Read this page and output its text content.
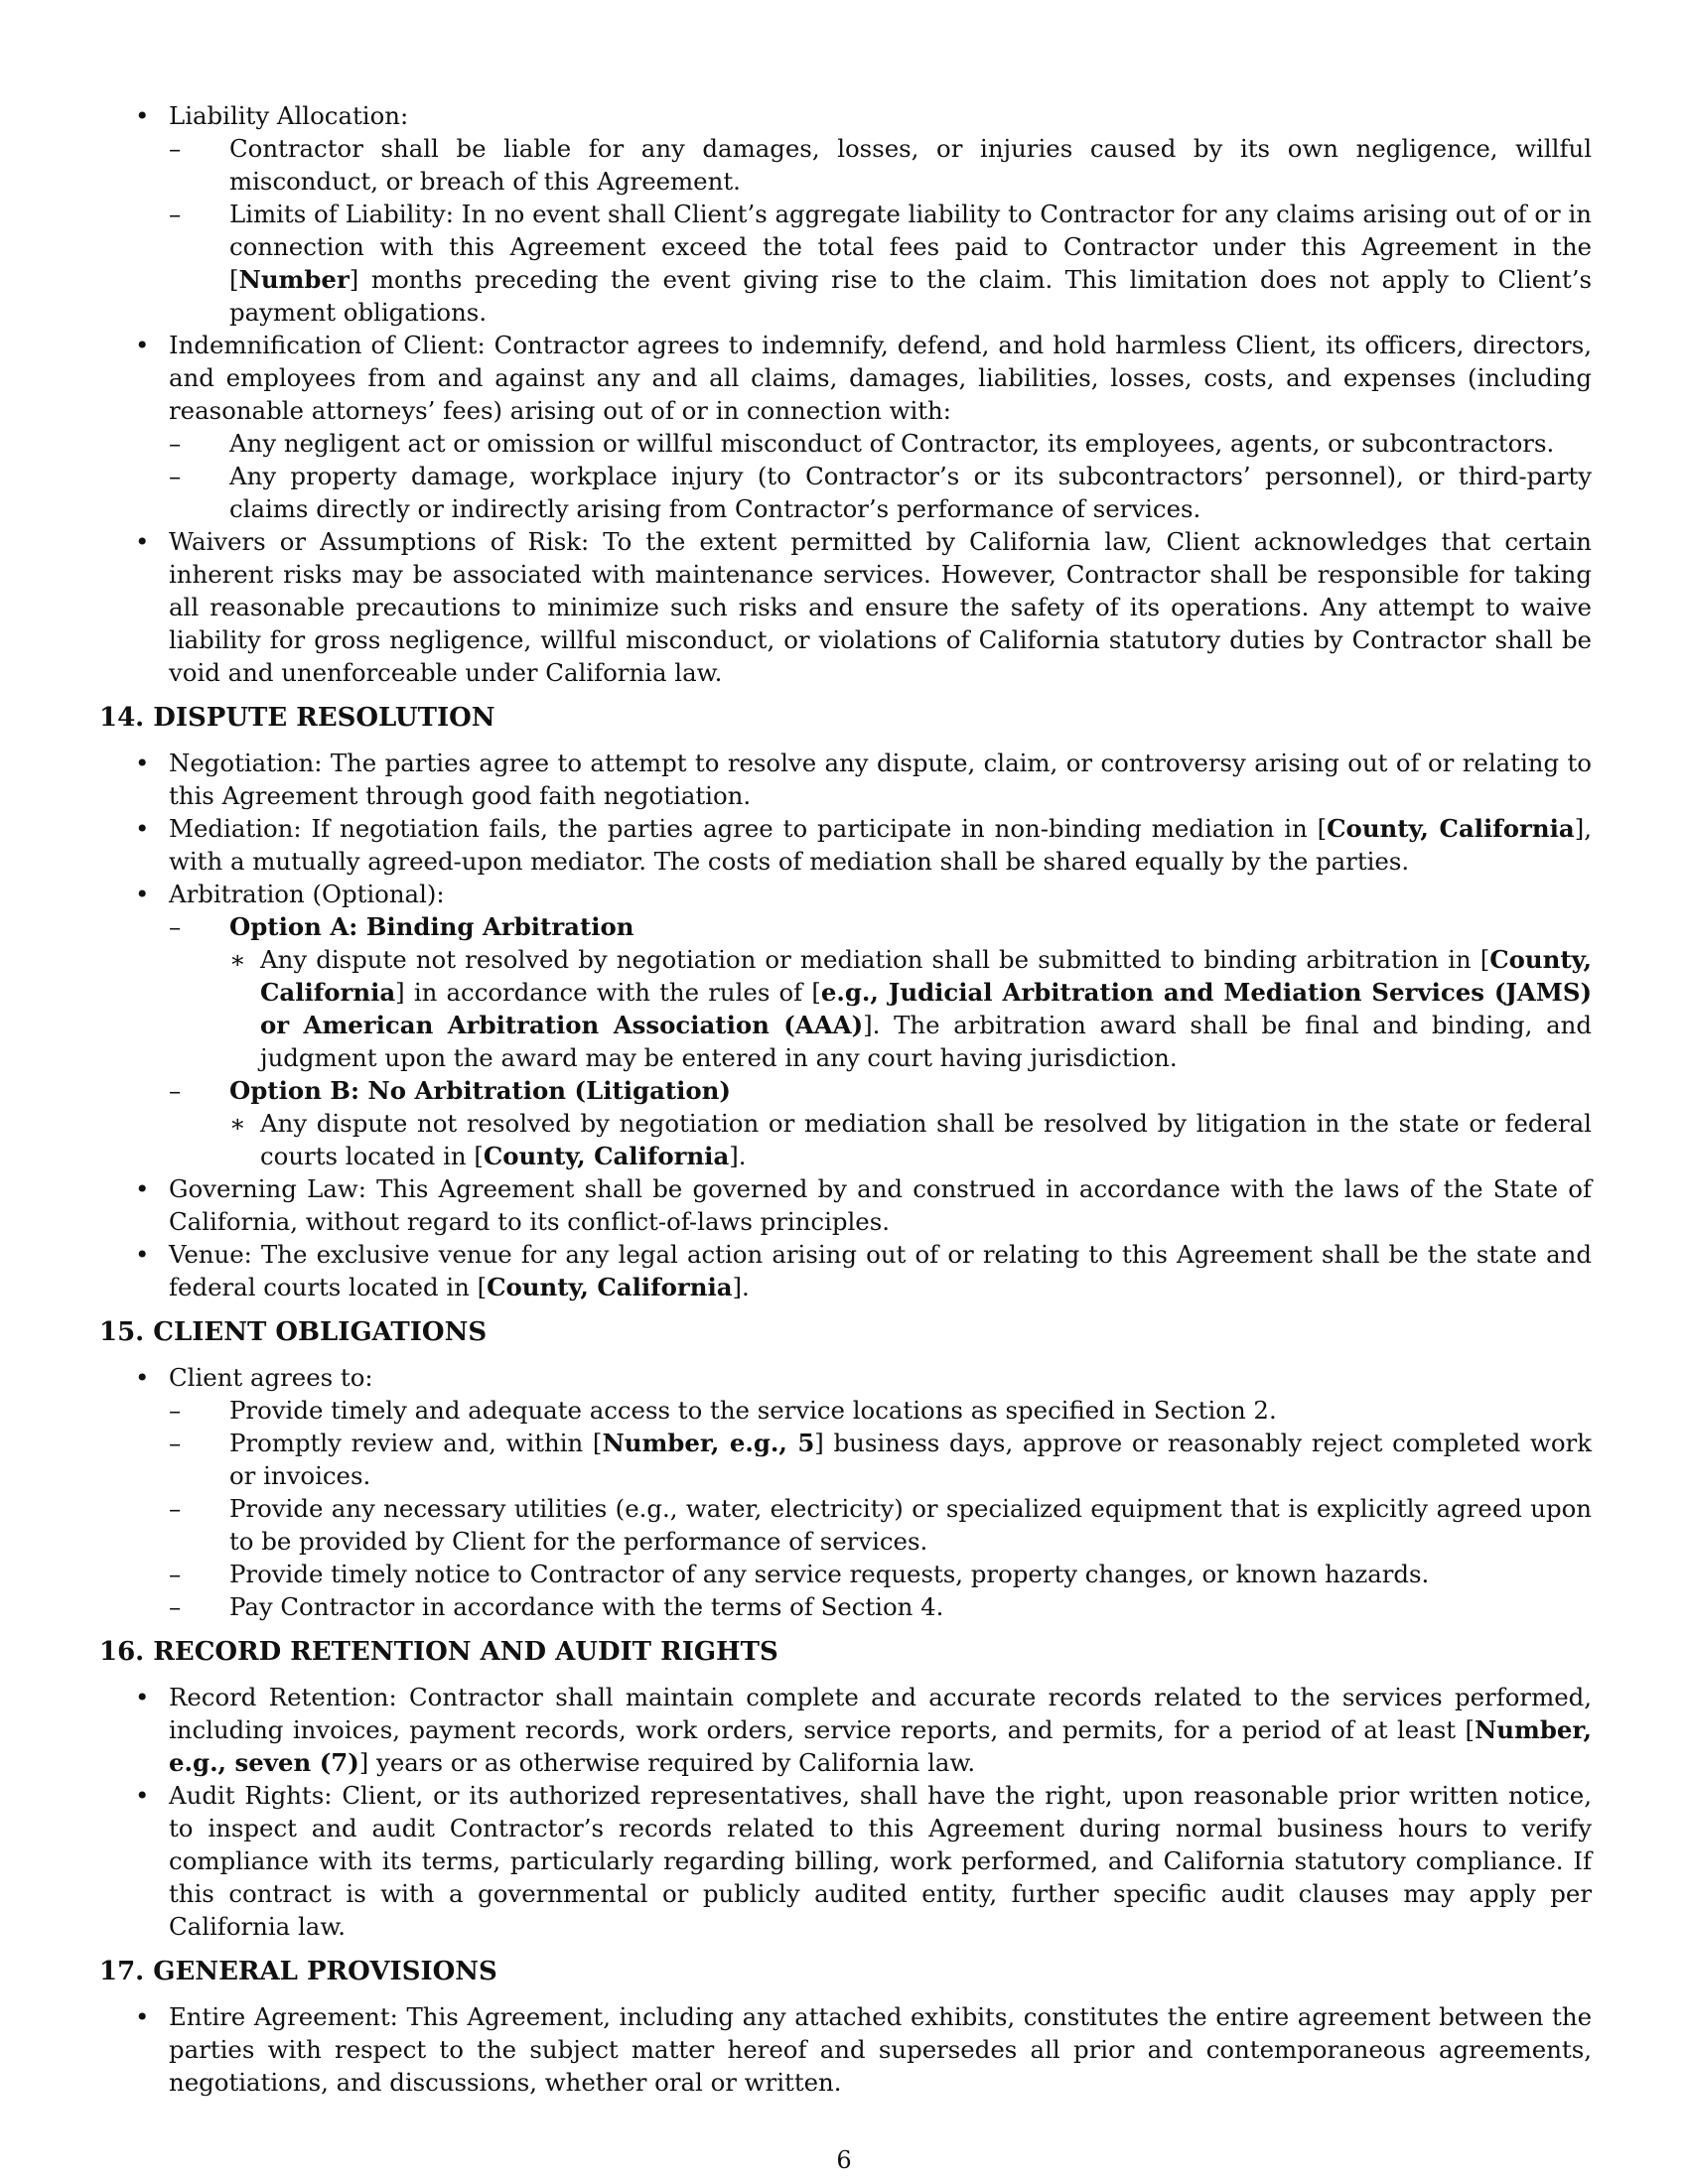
• Liability Allocation:
– Contractor shall be liable for any damages, losses, or injuries caused by its own negligence, willful misconduct, or breach of this Agreement.
– Limits of Liability: In no event shall Client’s aggregate liability to Contractor for any claims arising out of or in connection with this Agreement exceed the total fees paid to Contractor under this Agreement in the [Number] months preceding the event giving rise to the claim. This limitation does not apply to Client’s payment obligations.
• Indemnification of Client: Contractor agrees to indemnify, defend, and hold harmless Client, its officers, directors, and employees from and against any and all claims, damages, liabilities, losses, costs, and expenses (including reasonable attorneys’ fees) arising out of or in connection with:
– Any negligent act or omission or willful misconduct of Contractor, its employees, agents, or subcontractors.
– Any property damage, workplace injury (to Contractor’s or its subcontractors’ personnel), or third-party claims directly or indirectly arising from Contractor’s performance of services.
• Waivers or Assumptions of Risk: To the extent permitted by California law, Client acknowledges that certain inherent risks may be associated with maintenance services. However, Contractor shall be responsible for taking all reasonable precautions to minimize such risks and ensure the safety of its operations. Any attempt to waive liability for gross negligence, willful misconduct, or violations of California statutory duties by Contractor shall be void and unenforceable under California law.
14. DISPUTE RESOLUTION
• Negotiation: The parties agree to attempt to resolve any dispute, claim, or controversy arising out of or relating to this Agreement through good faith negotiation.
• Mediation: If negotiation fails, the parties agree to participate in non-binding mediation in [County, California], with a mutually agreed-upon mediator. The costs of mediation shall be shared equally by the parties.
• Arbitration (Optional):
– Option A: Binding Arbitration
∗ Any dispute not resolved by negotiation or mediation shall be submitted to binding arbitration in [County, California] in accordance with the rules of [e.g., Judicial Arbitration and Mediation Services (JAMS) or American Arbitration Association (AAA)]. The arbitration award shall be final and binding, and judgment upon the award may be entered in any court having jurisdiction.
– Option B: No Arbitration (Litigation)
∗ Any dispute not resolved by negotiation or mediation shall be resolved by litigation in the state or federal courts located in [County, California].
• Governing Law: This Agreement shall be governed by and construed in accordance with the laws of the State of California, without regard to its conflict-of-laws principles.
• Venue: The exclusive venue for any legal action arising out of or relating to this Agreement shall be the state and federal courts located in [County, California].
15. CLIENT OBLIGATIONS
• Client agrees to:
– Provide timely and adequate access to the service locations as specified in Section 2.
– Promptly review and, within [Number, e.g., 5] business days, approve or reasonably reject completed work or invoices.
– Provide any necessary utilities (e.g., water, electricity) or specialized equipment that is explicitly agreed upon to be provided by Client for the performance of services.
– Provide timely notice to Contractor of any service requests, property changes, or known hazards.
– Pay Contractor in accordance with the terms of Section 4.
16. RECORD RETENTION AND AUDIT RIGHTS
• Record Retention: Contractor shall maintain complete and accurate records related to the services performed, including invoices, payment records, work orders, service reports, and permits, for a period of at least [Number, e.g., seven (7)] years or as otherwise required by California law.
• Audit Rights: Client, or its authorized representatives, shall have the right, upon reasonable prior written notice, to inspect and audit Contractor’s records related to this Agreement during normal business hours to verify compliance with its terms, particularly regarding billing, work performed, and California statutory compliance. If this contract is with a governmental or publicly audited entity, further specific audit clauses may apply per California law.
17. GENERAL PROVISIONS
• Entire Agreement: This Agreement, including any attached exhibits, constitutes the entire agreement between the parties with respect to the subject matter hereof and supersedes all prior and contemporaneous agreements, negotiations, and discussions, whether oral or written.
6
